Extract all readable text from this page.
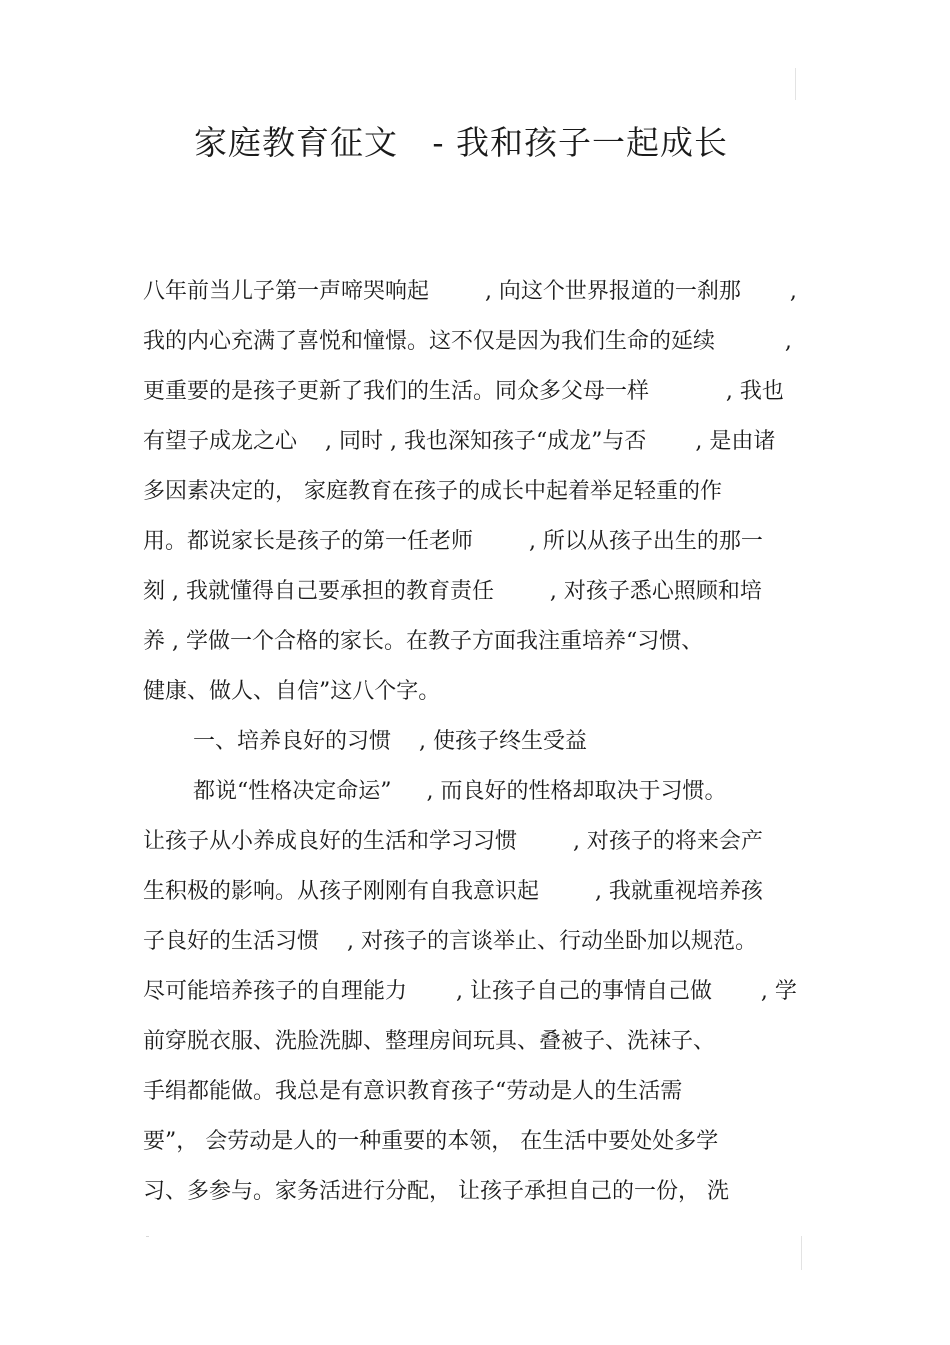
家庭教育征文   - 我和孩子一起成长
八年前当儿子第一声啼哭响起        , 向这个世界报道的一刹那       ,
我的内心充满了喜悦和憧憬。这不仅是因为我们生命的延续          ,
更重要的是孩子更新了我们的生活。同众多父母一样           , 我也
有望子成龙之心    , 同时 , 我也深知孩子“成龙”与否       , 是由诸
多因素决定的， 家庭教育在孩子的成长中起着举足轻重的作
用。都说家长是孩子的第一任老师        , 所以从孩子出生的那一
刻 , 我就懂得自己要承担的教育责任        , 对孩子悉心照顾和培
养 , 学做一个合格的家长。在教子方面我注重培养“习惯、
健康、做人、自信”这八个字。
一、培养良好的习惯    , 使孩子终生受益
都说“性格决定命运”     , 而良好的性格却取决于习惯。
让孩子从小养成良好的生活和学习习惯        , 对孩子的将来会产
生积极的影响。从孩子刚刚有自我意识起        , 我就重视培养孩
子良好的生活习惯    , 对孩子的言谈举止、行动坐卧加以规范。
尽可能培养孩子的自理能力       , 让孩子自己的事情自己做       , 学
前穿脱衣服、洗脸洗脚、整理房间玩具、叠被子、洗袜子、
手绢都能做。我总是有意识教育孩子“劳动是人的生活需
要”， 会劳动是人的一种重要的本领， 在生活中要处处多学
习、多参与。家务活进行分配， 让孩子承担自己的一份， 洗
